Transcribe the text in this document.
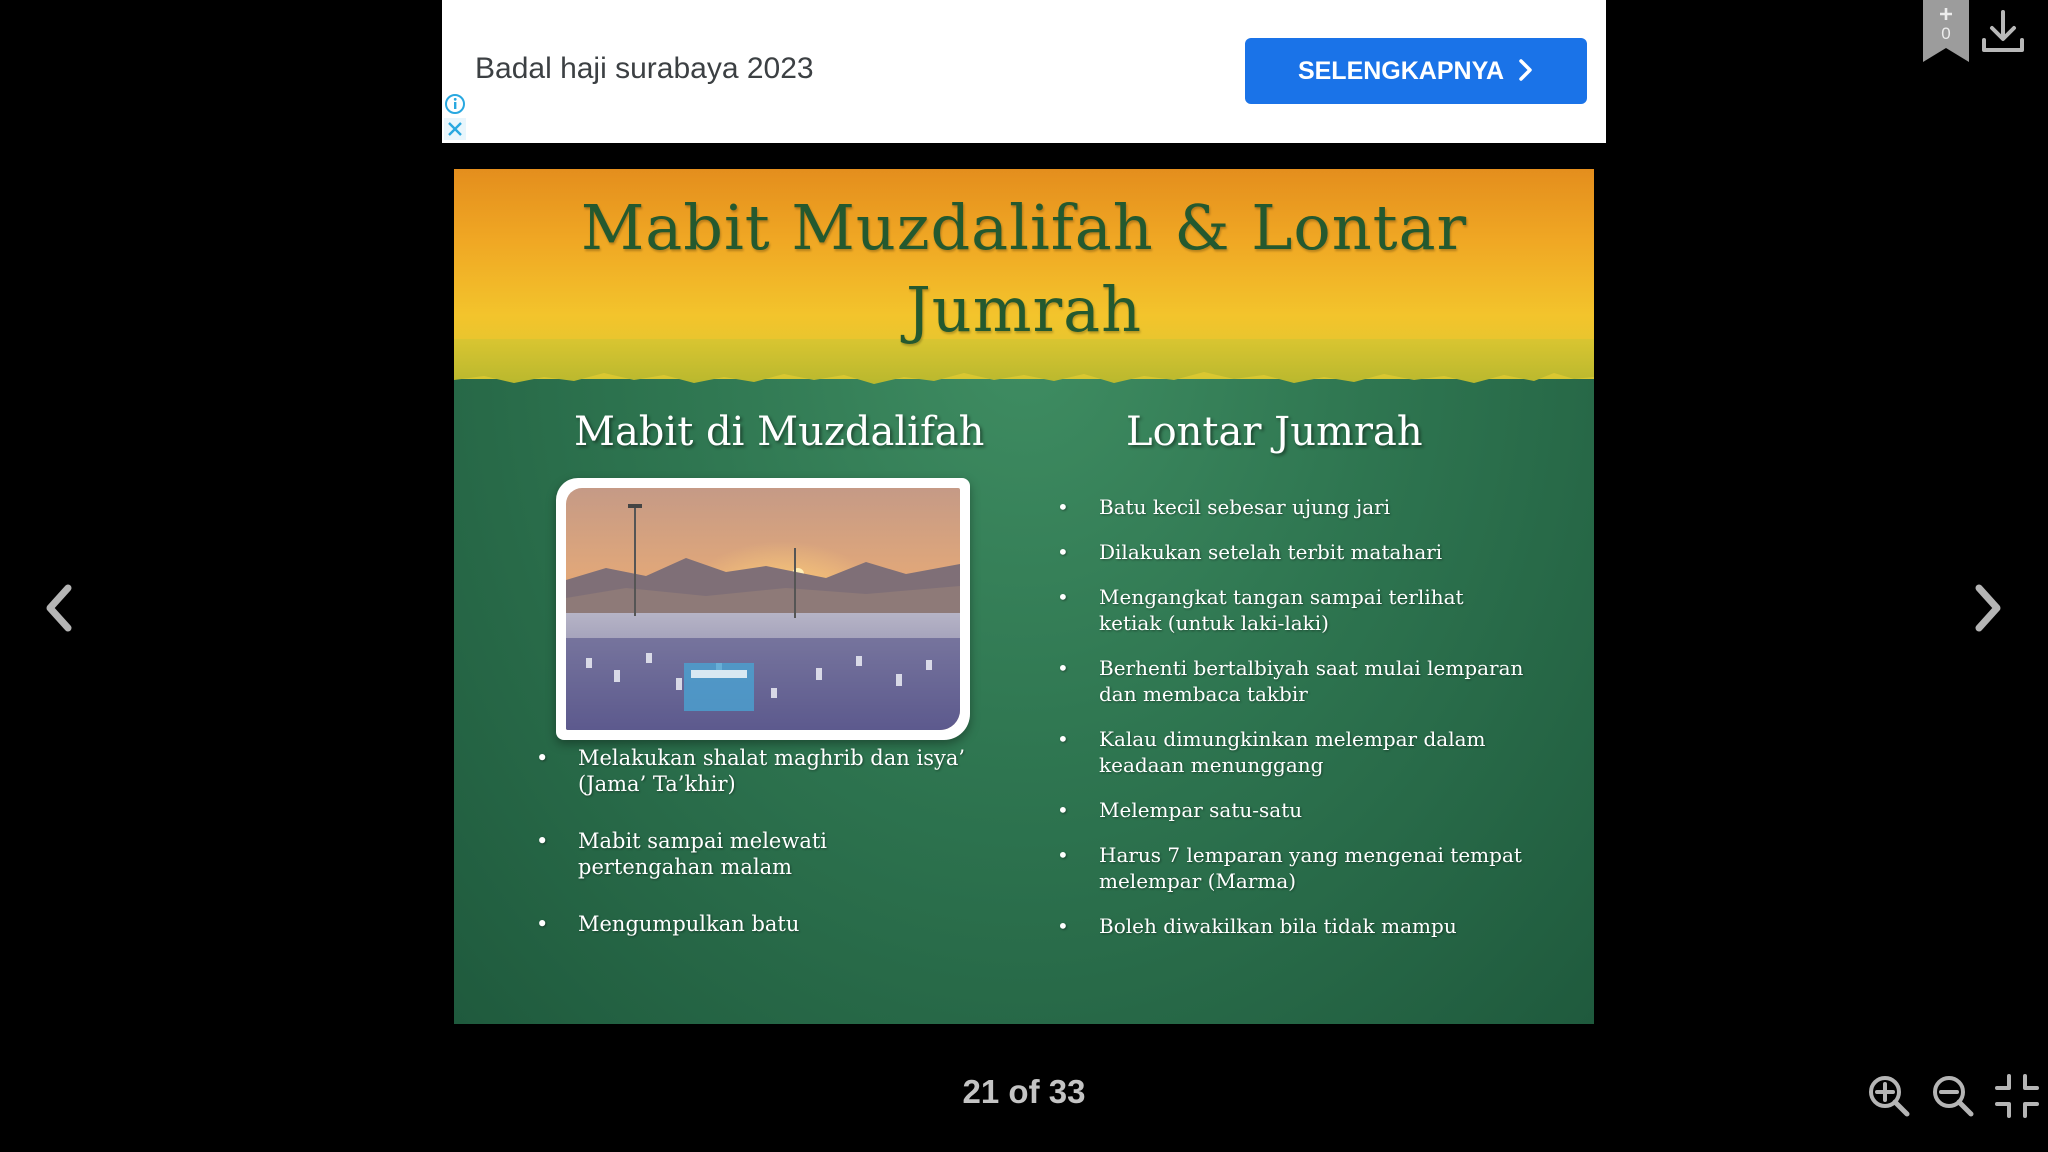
Badal haji surabaya 2023	SELENGKAPNYA
0
Mabit Muzdalifah & Lontar
Jumrah
Mabit di Muzdalifah	Lontar Jumrah
• Melakukan shalat maghrib dan isya’ (Jama’ Ta’khir)
• Mabit sampai melewati pertengahan malam
• Mengumpulkan batu
• Batu kecil sebesar ujung jari
• Dilakukan setelah terbit matahari
• Mengangkat tangan sampai terlihat ketiak (untuk laki-laki)
• Berhenti bertalbiyah saat mulai lemparan dan membaca takbir
• Kalau dimungkinkan melempar dalam keadaan menunggang
• Melempar satu-satu
• Harus 7 lemparan yang mengenai tempat melempar (Marma)
• Boleh diwakilkan bila tidak mampu
21 of 33
